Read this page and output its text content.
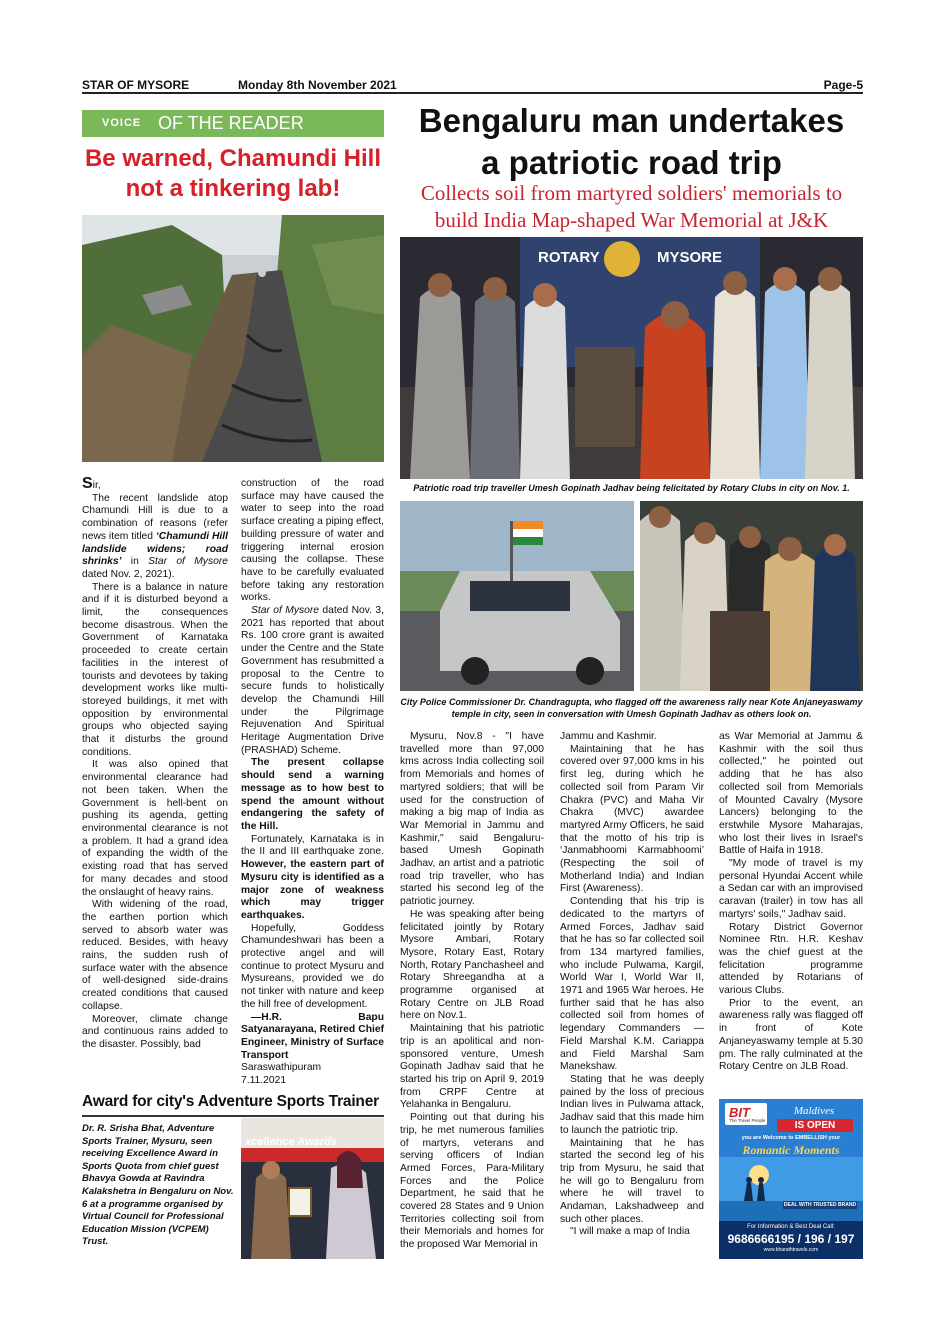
STAR OF MYSORE	Monday 8th November 2021	Page-5
VOICE OF THE READER
Be warned, Chamundi Hill
not a tinkering lab!

Sir,

The recent landslide atop Chamundi Hill is due to a combination of reasons (refer news item titled ‘Chamundi Hill landslide widens; road shrinks’ in Star of Mysore dated Nov. 2, 2021).

There is a balance in nature and if it is disturbed beyond a limit, the consequences become disastrous. When the Government of Karnataka proceeded to create certain facilities in the interest of tourists and devotees by taking development works like multi-storeyed buildings, it met with opposition by environmental groups who objected saying that it disturbs the ground conditions.

It was also opined that environmental clearance had not been taken. When the Government is hell-bent on pushing its agenda, getting environmental clearance is not a problem. It had a grand idea of expanding the width of the existing road that has served for many decades and stood the onslaught of heavy rains.

With widening of the road, the earthen portion which served to absorb water was reduced. Besides, with heavy rains, the sudden rush of surface water with the absence of well-designed side-drains created conditions that caused collapse.

Moreover, climate change and continuous rains added to the disaster. Possibly, bad

construction of the road surface may have caused the water to seep into the road surface creating a piping effect, building pressure of water and triggering internal erosion causing the collapse. These have to be carefully evaluated before taking any restoration works.

Star of Mysore dated Nov. 3, 2021 has reported that about Rs. 100 crore grant is awaited under the Centre and the State Government has resubmitted a proposal to the Centre to secure funds to holistically develop the Chamundi Hill under the Pilgrimage Rejuvenation And Spiritual Heritage Augmentation Drive (PRASHAD) Scheme.

The present collapse should send a warning message as to how best to spend the amount without endangering the safety of the Hill.

Fortunately, Karnataka is in the II and III earthquake zone. However, the eastern part of Mysuru city is identified as a major zone of weakness which may trigger earthquakes.

Hopefully, Goddess Chamundeshwari has been a protective angel and will continue to protect Mysuru and Mysureans, provided we do not tinker with nature and keep the hill free of development.

—H.R. Bapu Satyanarayana, Retired Chief Engineer, Ministry of Surface Transport

Saraswathipuram

7.11.2021

Award for city's Adventure Sports Trainer
Dr. R. Srisha Bhat, Adventure Sports Trainer, Mysuru, seen receiving Excellence Award in Sports Quota from chief guest Bhavya Gowda at Ravindra Kalakshetra in Bengaluru on Nov. 6 at a programme organised by Virtual Council for Professional Education Mission (VCPEM) Trust.
xcellence Awards
Bengaluru man undertakes
a patriotic road trip
Collects soil from martyred soldiers' memorials to
build India Map-shaped War Memorial at J&K
ROTARY	MYSORE
Patriotic road trip traveller Umesh Gopinath Jadhav being felicitated by Rotary Clubs in city on Nov. 1.
City Police Commissioner Dr. Chandragupta, who flagged off the awareness rally near Kote Anjaneyaswamy temple in city, seen in conversation with Umesh Gopinath Jadhav as others look on.

Mysuru, Nov.8 - "I have travelled more than 97,000 kms across India collecting soil from Memorials and homes of martyred soldiers; that will be used for the construction of making a big map of India as War Memorial in Jammu and Kashmir," said Bengaluru-based Umesh Gopinath Jadhav, an artist and a patriotic road trip traveller, who has started his second leg of the patriotic journey.

He was speaking after being felicitated jointly by Rotary Mysore Ambari, Rotary Mysore, Rotary East, Rotary North, Rotary Panchasheel and Rotary Shreegandha at a programme organised at Rotary Centre on JLB Road here on Nov.1.

Maintaining that his patriotic trip is an apolitical and non-sponsored venture, Umesh Gopinath Jadhav said that he started his trip on April 9, 2019 from CRPF Centre at Yelahanka in Bengaluru.

Pointing out that during his trip, he met numerous families of martyrs, veterans and serving officers of Indian Armed Forces, Para-Military Forces and the Police Department, he said that he covered 28 States and 9 Union Territories collecting soil from their Memorials and homes for the proposed War Memorial in

Jammu and Kashmir.

Maintaining that he has covered over 97,000 kms in his first leg, during which he collected soil from Param Vir Chakra (PVC) and Maha Vir Chakra (MVC) awardee martyred Army Officers, he said that the motto of his trip is ‘Janmabhoomi Karmabhoomi’ (Respecting the soil of Motherland India) and Indian First (Awareness).

Contending that his trip is dedicated to the martyrs of Armed Forces, Jadhav said that he has so far collected soil from 134 martyred families, who include Pulwama, Kargil, World War I, World War II, 1971 and 1965 War heroes. He further said that he has also collected soil from homes of legendary Commanders — Field Marshal K.M. Cariappa and Field Marshal Sam Manekshaw.

Stating that he was deeply pained by the loss of precious Indian lives in Pulwama attack, Jadhav said that this made him to launch the patriotic trip.

Maintaining that he has started the second leg of his trip from Mysuru, he said that he will go to Bengaluru from where he will travel to Andaman, Lakshadweep and such other places.

"I will make a map of India

as War Memorial at Jammu & Kashmir with the soil thus collected," he pointed out adding that he has also collected soil from Memorials of Mounted Cavalry (Mysore Lancers) belonging to the erstwhile Mysore Maharajas, who lost their lives in Israel's Battle of Haifa in 1918.

"My mode of travel is my personal Hyundai Accent while a Sedan car with an improvised caravan (trailer) in tow has all martyrs' soils," Jadhav said.

Rotary District Governor Nominee Rtn. H.R. Keshav was the chief guest at the felicitation programme attended by Rotarians of various Clubs.

Prior to the event, an awareness rally was flagged off in front of Kote Anjaneyaswamy temple at 5.30 pm. The rally culminated at the Rotary Centre on JLB Road.

BIT
The Travel People
Maldives
IS OPEN
you are Welcome to EMBELLISH your
Romantic Moments
DEAL WITH TRUSTED BRAND
For Information & Best Deal Call:
9686666195 / 196 / 197
www.bharathtravels.com
